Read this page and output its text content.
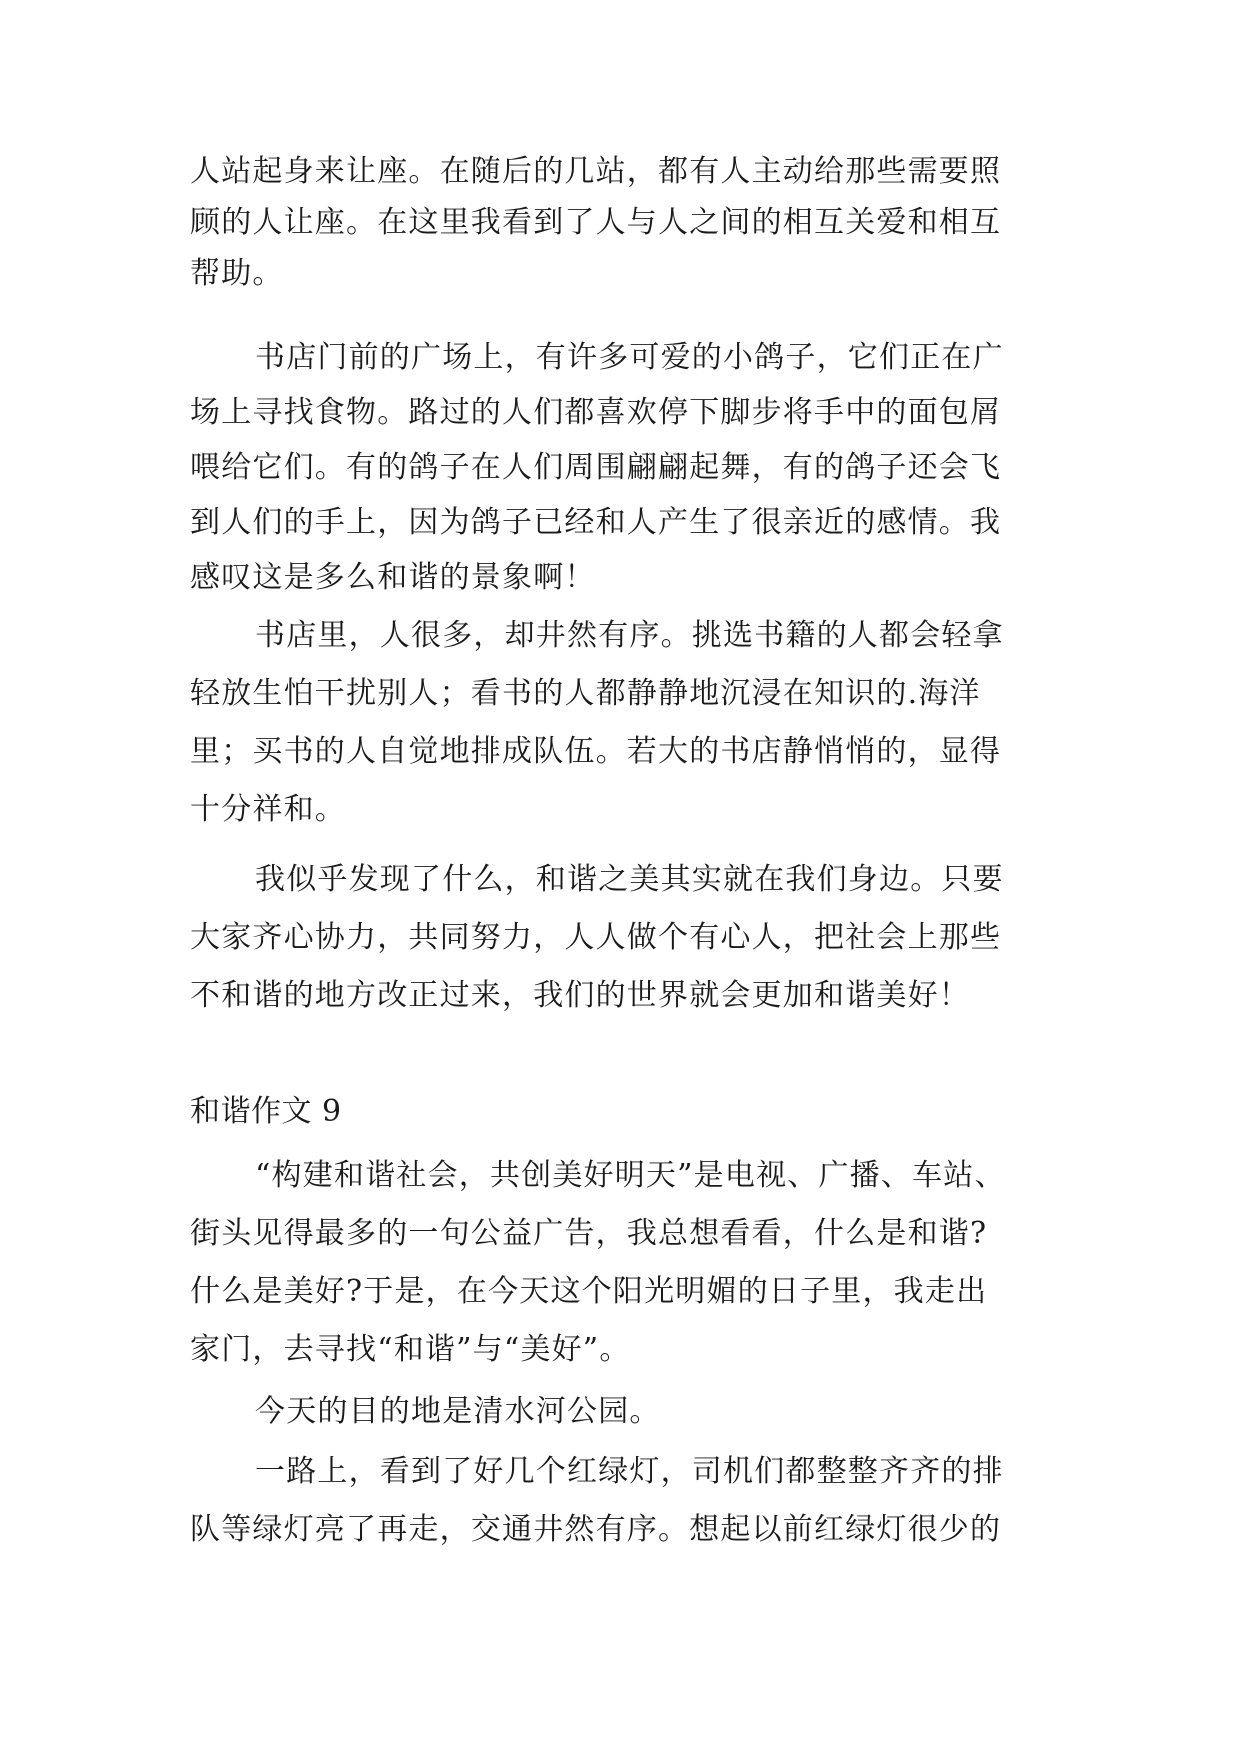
人站起身来让座。在随后的几站，都有人主动给那些需要照
顾的人让座。在这里我看到了人与人之间的相互关爱和相互
帮助。
书店门前的广场上，有许多可爱的小鸽子，它们正在广
场上寻找食物。路过的人们都喜欢停下脚步将手中的面包屑
喂给它们。有的鸽子在人们周围翩翩起舞，有的鸽子还会飞
到人们的手上，因为鸽子已经和人产生了很亲近的感情。我
感叹这是多么和谐的景象啊！
书店里，人很多，却井然有序。挑选书籍的人都会轻拿
轻放生怕干扰别人；看书的人都静静地沉浸在知识的.海洋
里；买书的人自觉地排成队伍。若大的书店静悄悄的，显得
十分祥和。
我似乎发现了什么，和谐之美其实就在我们身边。只要
大家齐心协力，共同努力，人人做个有心人，把社会上那些
不和谐的地方改正过来，我们的世界就会更加和谐美好！
和谐作文 9
“构建和谐社会，共创美好明天”是电视、广播、车站、
街头见得最多的一句公益广告，我总想看看，什么是和谐?
什么是美好?于是，在今天这个阳光明媚的日子里，我走出
家门，去寻找“和谐”与“美好”。
今天的目的地是清水河公园。
一路上，看到了好几个红绿灯，司机们都整整齐齐的排
队等绿灯亮了再走，交通井然有序。想起以前红绿灯很少的
